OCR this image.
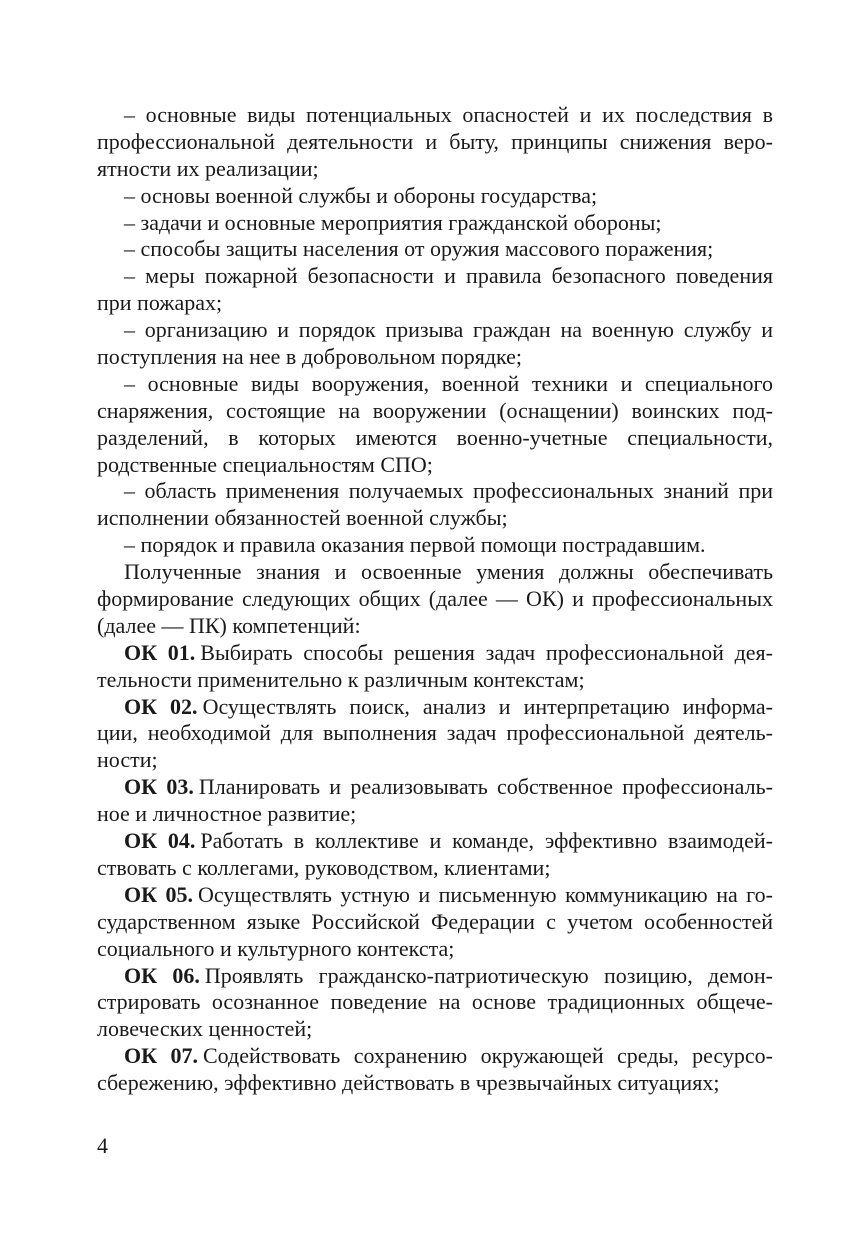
– основные виды потенциальных опасностей и их последствия в
профессиональной деятельности и быту, принципы снижения веро-
ятности их реализации;
– основы военной службы и обороны государства;
– задачи и основные мероприятия гражданской обороны;
– способы защиты населения от оружия массового поражения;
– меры пожарной безопасности и правила безопасного поведения
при пожарах;
– организацию и порядок призыва граждан на военную службу и
поступления на нее в добровольном порядке;
– основные виды вооружения, военной техники и специального
снаряжения, состоящие на вооружении (оснащении) воинских под-
разделений, в которых имеются военно-учетные специальности,
родственные специальностям СПО;
– область применения получаемых профессиональных знаний при
исполнении обязанностей военной службы;
– порядок и правила оказания первой помощи пострадавшим.
Полученные знания и освоенные умения должны обеспечивать
формирование следующих общих (далее — ОК) и профессиональных
(далее — ПК) компетенций:
ОК 01. Выбирать способы решения задач профессиональной дея-
тельности применительно к различным контекстам;
ОК 02. Осуществлять поиск, анализ и интерпретацию информа-
ции, необходимой для выполнения задач профессиональной деятель-
ности;
ОК 03. Планировать и реализовывать собственное профессиональ-
ное и личностное развитие;
ОК 04. Работать в коллективе и команде, эффективно взаимодей-
ствовать с коллегами, руководством, клиентами;
ОК 05. Осуществлять устную и письменную коммуникацию на го-
сударственном языке Российской Федерации с учетом особенностей
социального и культурного контекста;
ОК 06. Проявлять гражданско-патриотическую позицию, демон-
стрировать осознанное поведение на основе традиционных общече-
ловеческих ценностей;
ОК 07. Содействовать сохранению окружающей среды, ресурсо-
сбережению, эффективно действовать в чрезвычайных ситуациях;
4
